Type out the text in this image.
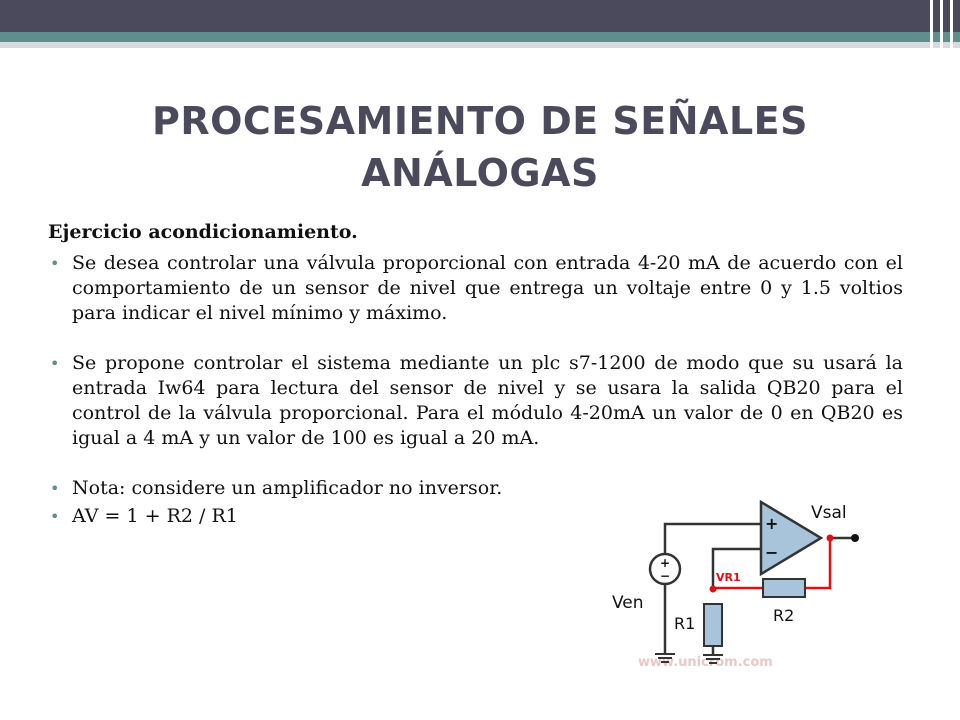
PROCESAMIENTO DE SEÑALES
ANÁLOGAS
Ejercicio acondicionamiento.
• Se desea controlar una válvula proporcional con entrada 4-20 mA de acuerdo con el comportamiento de un sensor de nivel que entrega un voltaje entre 0 y 1.5 voltios para indicar el nivel mínimo y máximo.
• Se propone controlar el sistema mediante un plc s7-1200 de modo que su usará la entrada Iw64 para lectura del sensor de nivel y se usara la salida QB20 para el control de la válvula proporcional. Para el módulo 4-20mA un valor de 0 en QB20 es igual a 4 mA y un valor de 100 es igual a 20 mA.
• Nota: considere un amplificador no inversor.
• AV = 1 + R2 / R1
www.unicrom.com
+
−
+
−
Vsal
Ven
VR1
R1	R2
